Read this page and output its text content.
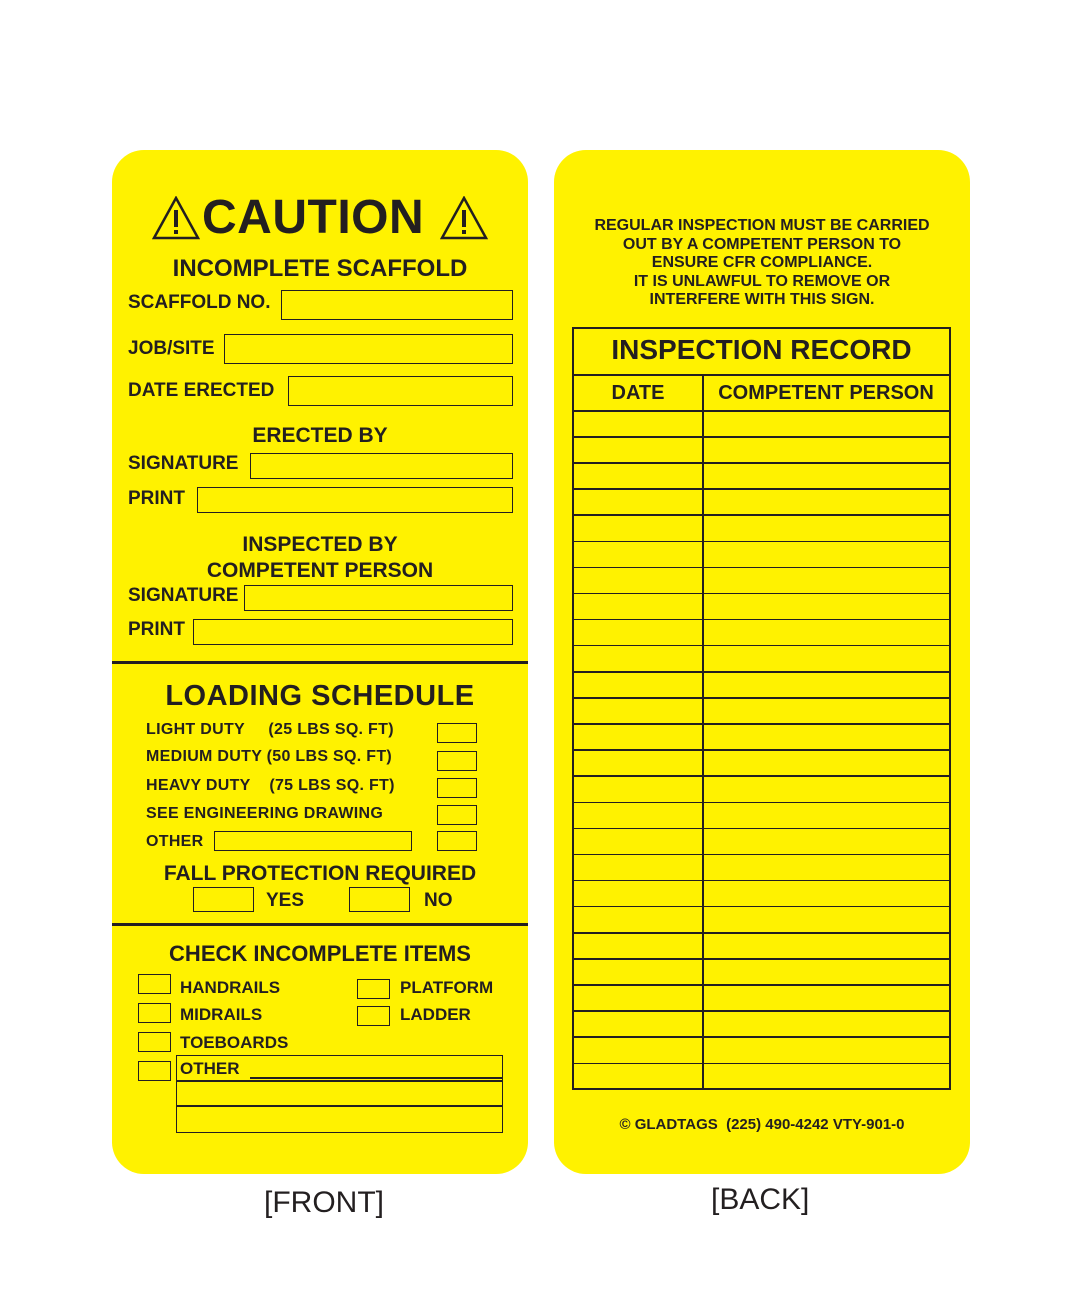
CAUTION
INCOMPLETE SCAFFOLD
SCAFFOLD NO.
JOB/SITE
DATE ERECTED
ERECTED BY
SIGNATURE
PRINT
INSPECTED BY
COMPETENT PERSON
SIGNATURE
PRINT
LOADING SCHEDULE
LIGHT DUTY     (25 LBS SQ. FT)
MEDIUM DUTY (50 LBS SQ. FT)
HEAVY DUTY    (75 LBS SQ. FT)
SEE ENGINEERING DRAWING
OTHER
FALL PROTECTION REQUIRED
YES	NO
CHECK INCOMPLETE ITEMS
HANDRAILS
MIDRAILS
TOEBOARDS
OTHER
PLATFORM
LADDER
REGULAR INSPECTION MUST BE CARRIED
OUT BY A COMPETENT PERSON TO
ENSURE CFR COMPLIANCE.
IT IS UNLAWFUL TO REMOVE OR
INTERFERE WITH THIS SIGN.
INSPECTION RECORD
DATE	COMPETENT PERSON
© GLADTAGS  (225) 490-4242 VTY-901-0
[FRONT]	[BACK]
